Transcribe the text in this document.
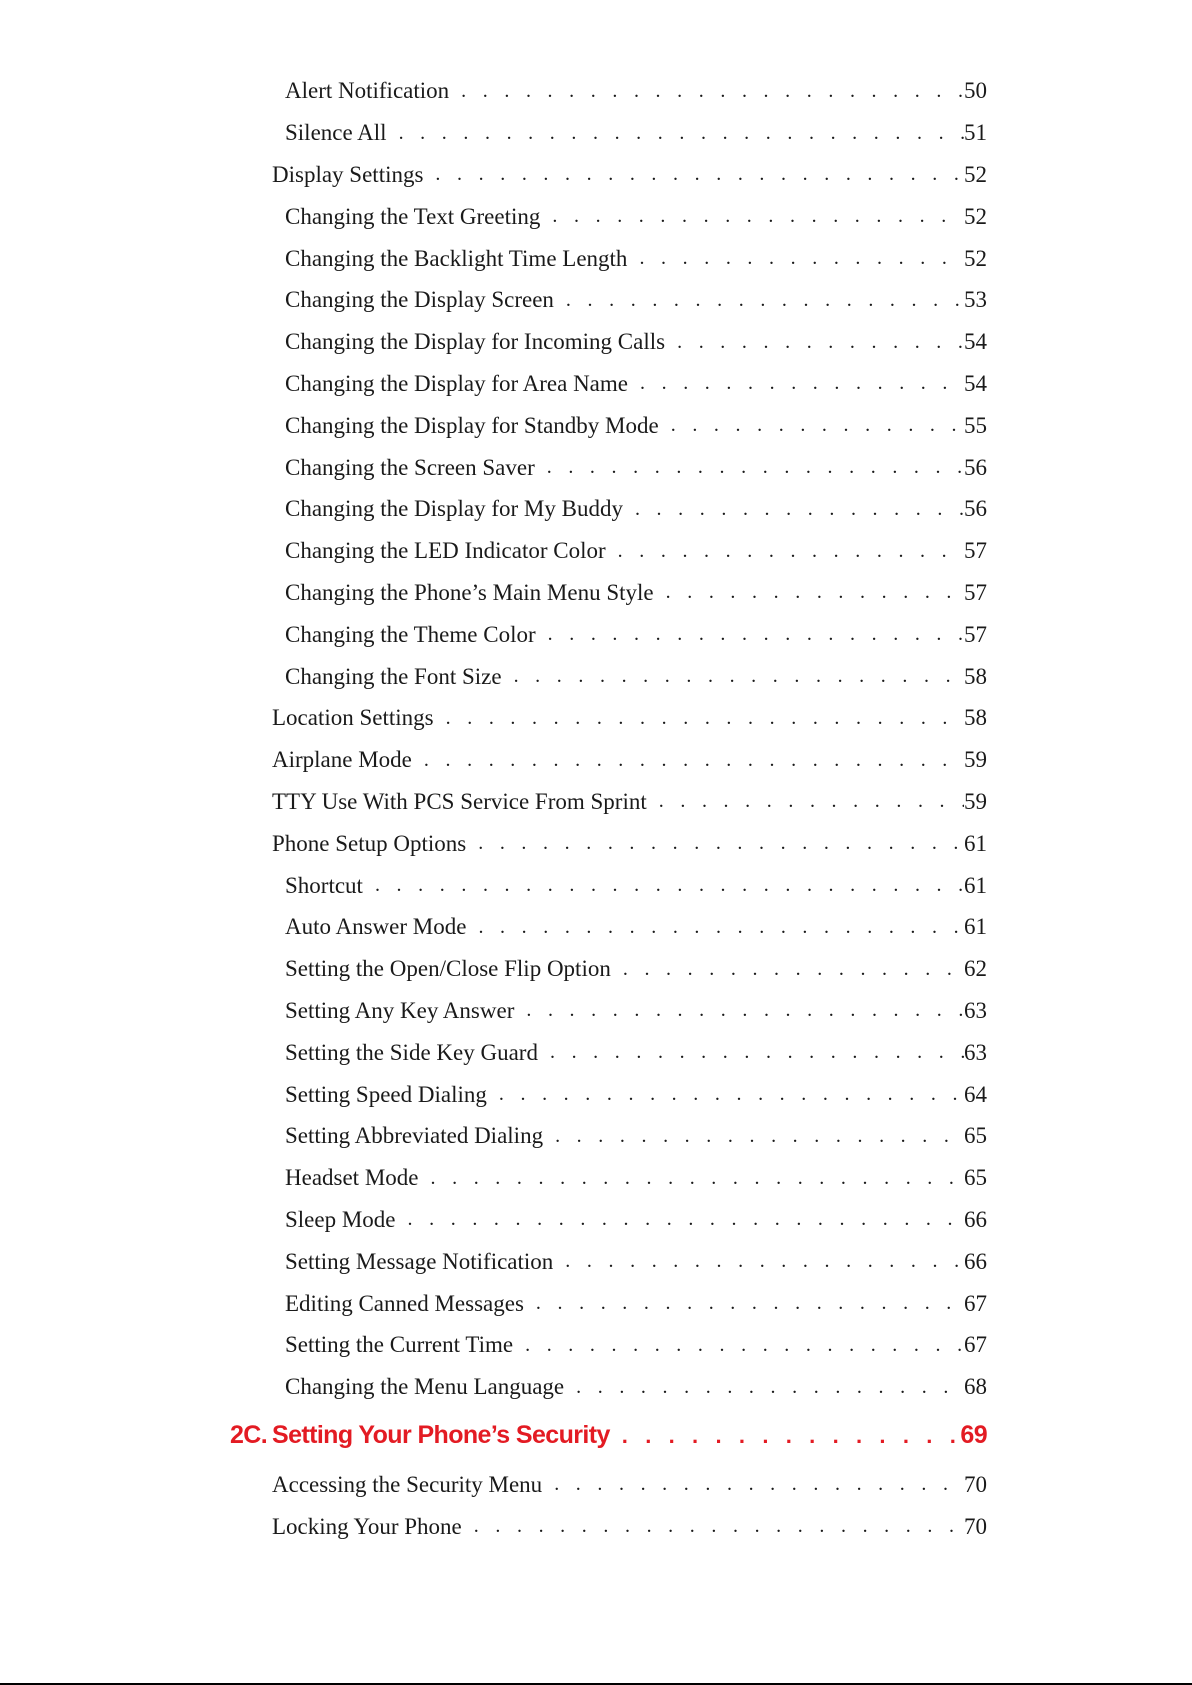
Alert Notification . . .	50
Silence All . . .	51
Display Settings . . .	52
Changing the Text Greeting . . .	52
Changing the Backlight Time Length . . .	52
Changing the Display Screen . . .	53
Changing the Display for Incoming Calls . . .	54
Changing the Display for Area Name . . .	54
Changing the Display for Standby Mode . . .	55
Changing the Screen Saver . . .	56
Changing the Display for My Buddy . . .	56
Changing the LED Indicator Color . . .	57
Changing the Phone’s Main Menu Style . . .	57
Changing the Theme Color . . .	57
Changing the Font Size . . .	58
Location Settings . . .	58
Airplane Mode . . .	59
TTY Use With PCS Service From Sprint . . .	59
Phone Setup Options . . .	61
Shortcut . . .	61
Auto Answer Mode . . .	61
Setting the Open/Close Flip Option . . .	62
Setting Any Key Answer . . .	63
Setting the Side Key Guard . . .	63
Setting Speed Dialing . . .	64
Setting Abbreviated Dialing . . .	65
Headset Mode . . .	65
Sleep Mode . . .	66
Setting Message Notification . . .	66
Editing Canned Messages . . .	67
Setting the Current Time . . .	67
Changing the Menu Language . . .	68
2C. Setting Your Phone’s Security . . .	69
Accessing the Security Menu . . .	70
Locking Your Phone . . .	70
